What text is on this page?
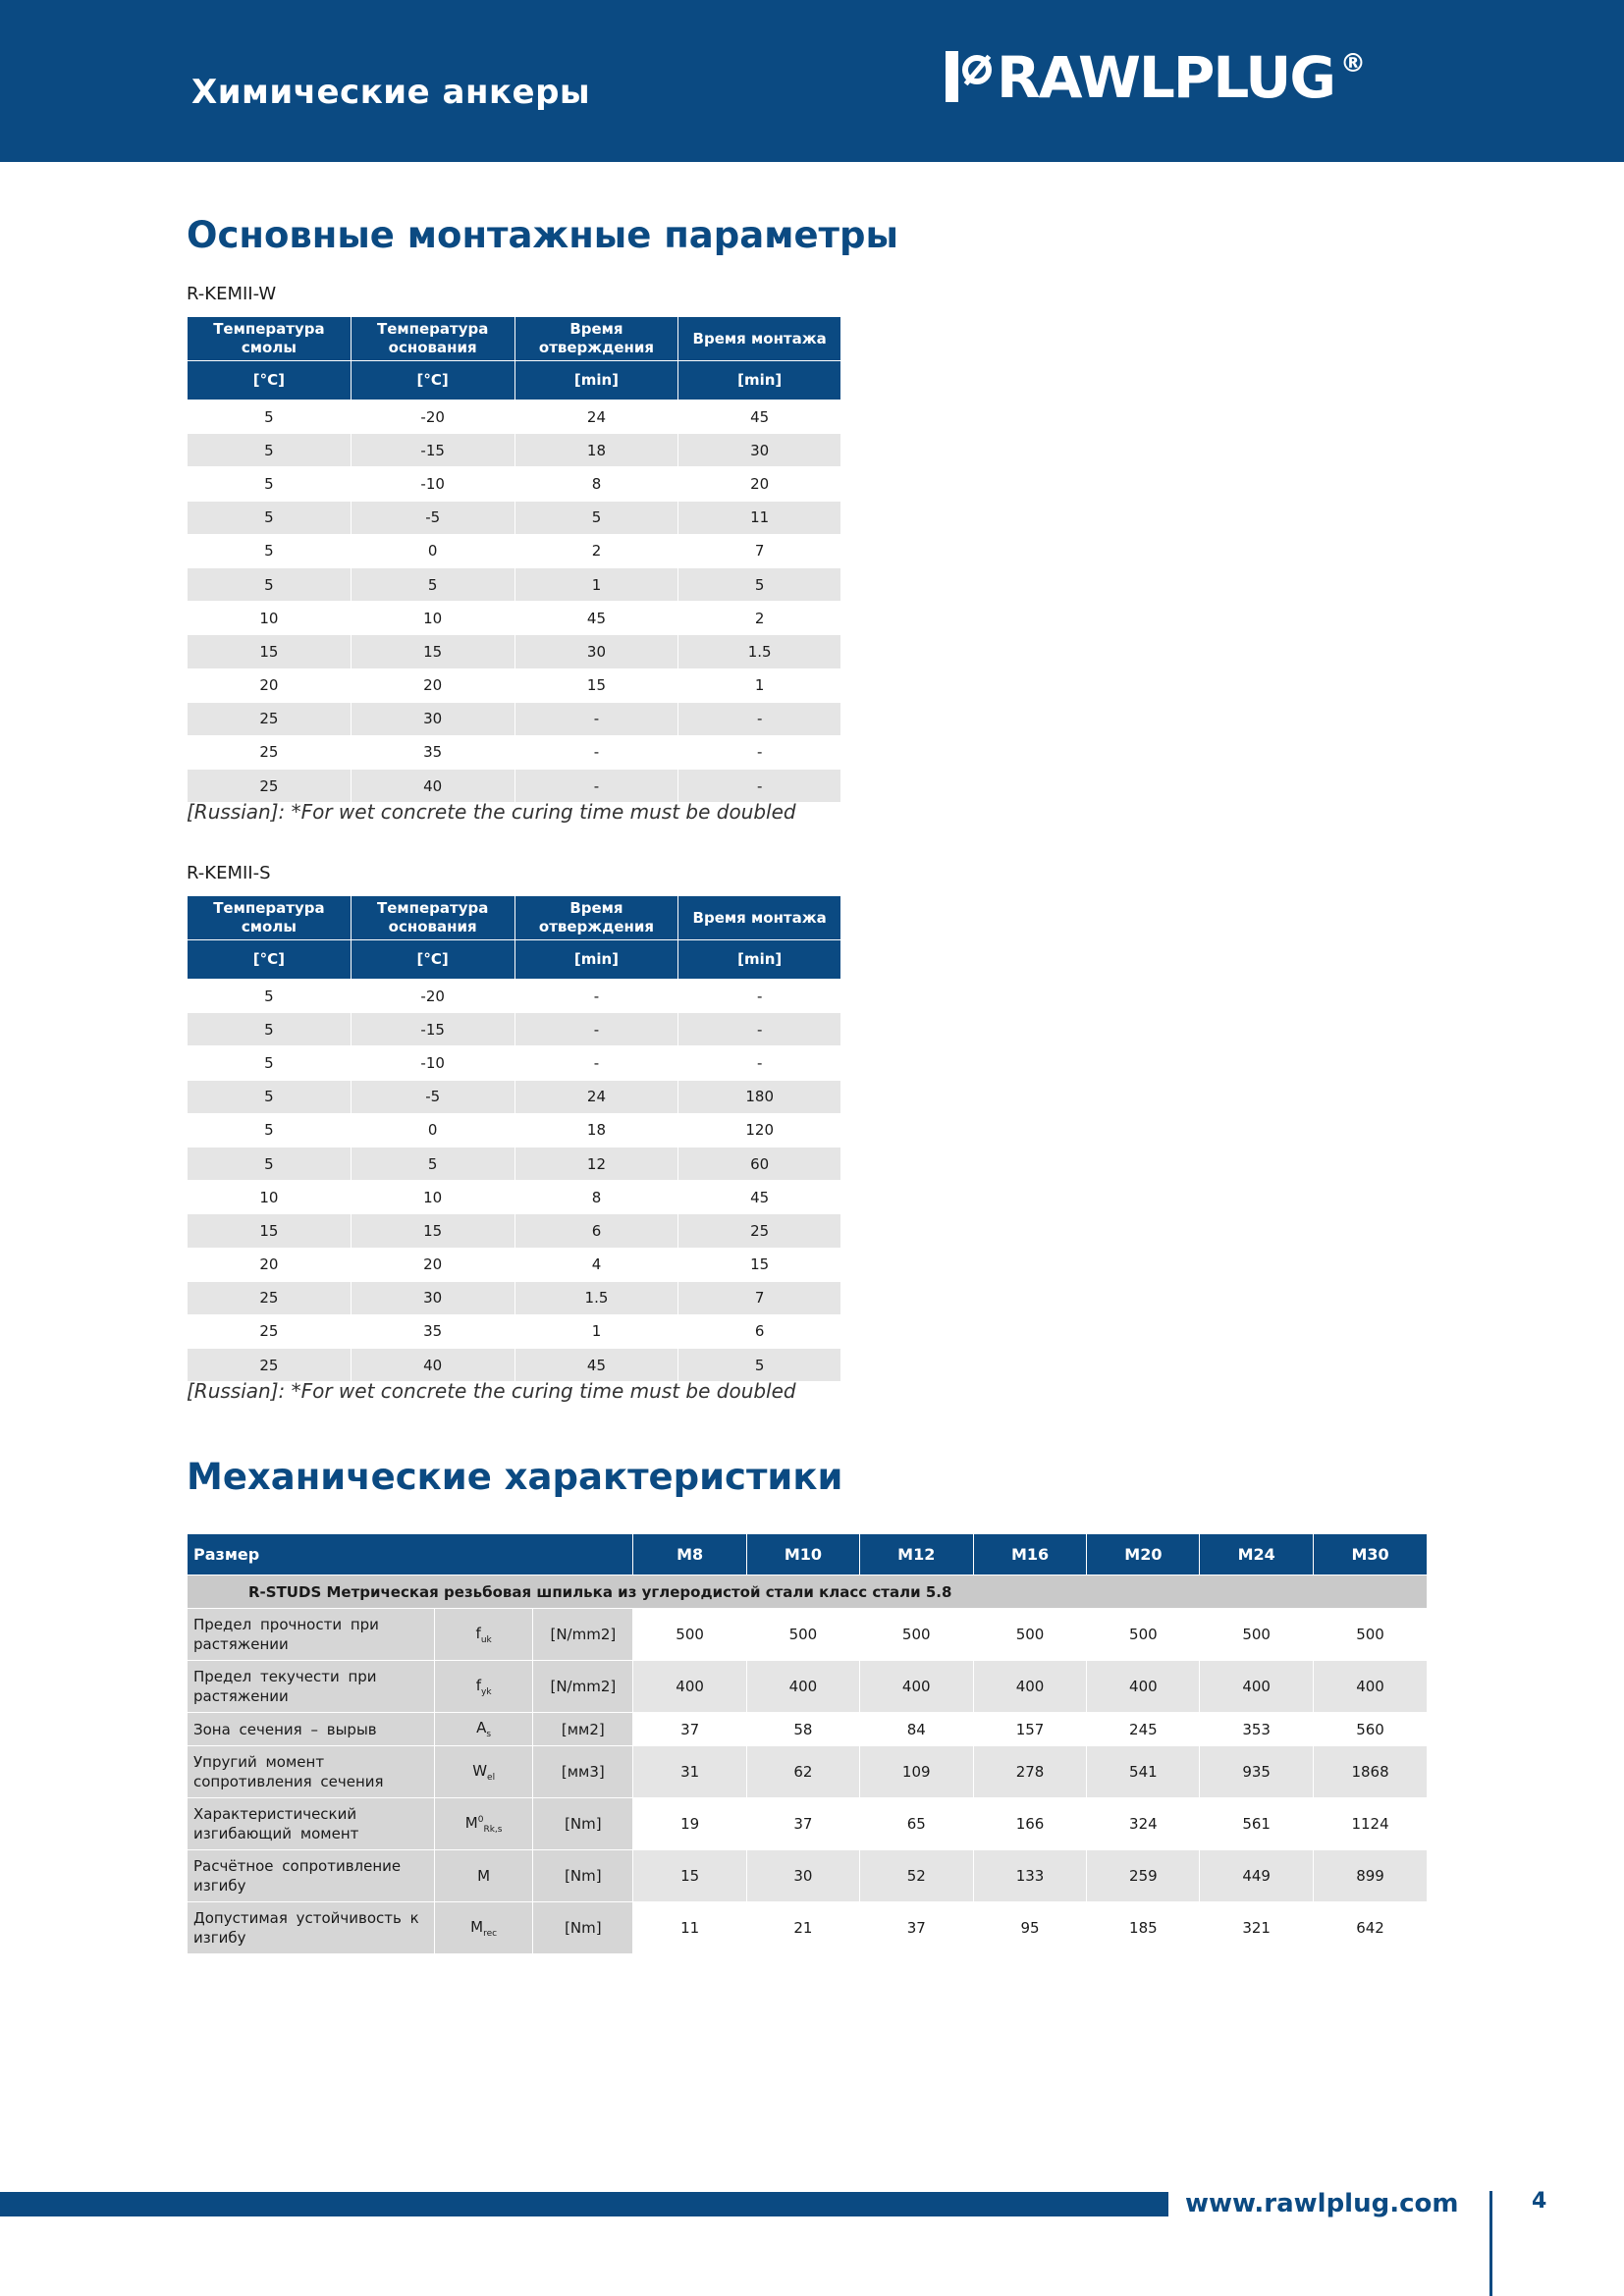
Химические анкеры	RAWLPLUG ®
Основные монтажные параметры
R-KEMII-W
Температура смолы	Температура основания	Время отверждения	Время монтажа
[°C]	[°C]	[min]	[min]
5	-20	24	45
5	-15	18	30
5	-10	8	20
5	-5	5	11
5	0	2	7
5	5	1	5
10	10	45	2
15	15	30	1.5
20	20	15	1
25	30	-	-
25	35	-	-
25	40	-	-
[Russian]: *For wet concrete the curing time must be doubled
R-KEMII-S
Температура смолы	Температура основания	Время отверждения	Время монтажа
[°C]	[°C]	[min]	[min]
5	-20	-	-
5	-15	-	-
5	-10	-	-
5	-5	24	180
5	0	18	120
5	5	12	60
10	10	8	45
15	15	6	25
20	20	4	15
25	30	1.5	7
25	35	1	6
25	40	45	5
[Russian]: *For wet concrete the curing time must be doubled
Механические характеристики
Размер			M8	M10	M12	M16	M20	M24	M30
R-STUDS Метрическая резьбовая шпилька из углеродистой стали класс стали 5.8									
Предел прочности при растяжении	$f_{uk}$	[N/mm2]	500	500	500	500	500	500	500
Предел текучести при растяжении	$f_{yk}$	[N/mm2]	400	400	400	400	400	400	400
Зона сечения – вырыв	$A_s$	[мм2]	37	58	84	157	245	353	560
Упругий момент сопротивления сечения	$W_{el}$	[мм3]	31	62	109	278	541	935	1868
Характеристический изгибающий момент	$M^0_{Rk,s}$	[Nm]	19	37	65	166	324	561	1124
Расчётное сопротивление изгибу	M	[Nm]	15	30	52	133	259	449	899
Допустимая устойчивость к изгибу	$M_{rec}$	[Nm]	11	21	37	95	185	321	642
www.rawlplug.com	4
